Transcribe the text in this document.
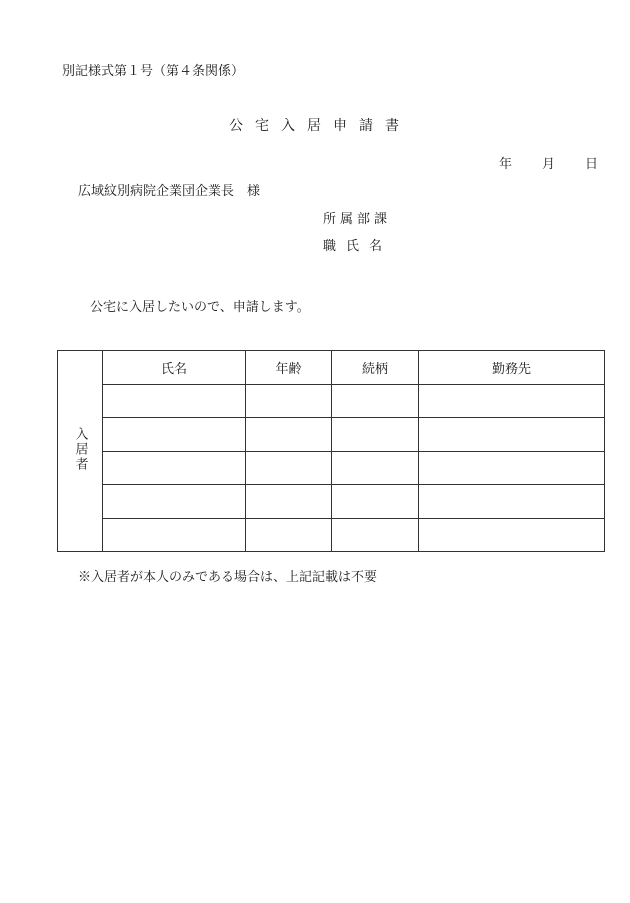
別記様式第１号（第４条関係）
公宅入居申請書
年 月 日
広域紋別病院企業団企業長　様
所属部課
職氏名
公宅に入居したいので、申請します。
入居者	氏名	年齢	続柄	勤務先

※入居者が本人のみである場合は、上記記載は不要
